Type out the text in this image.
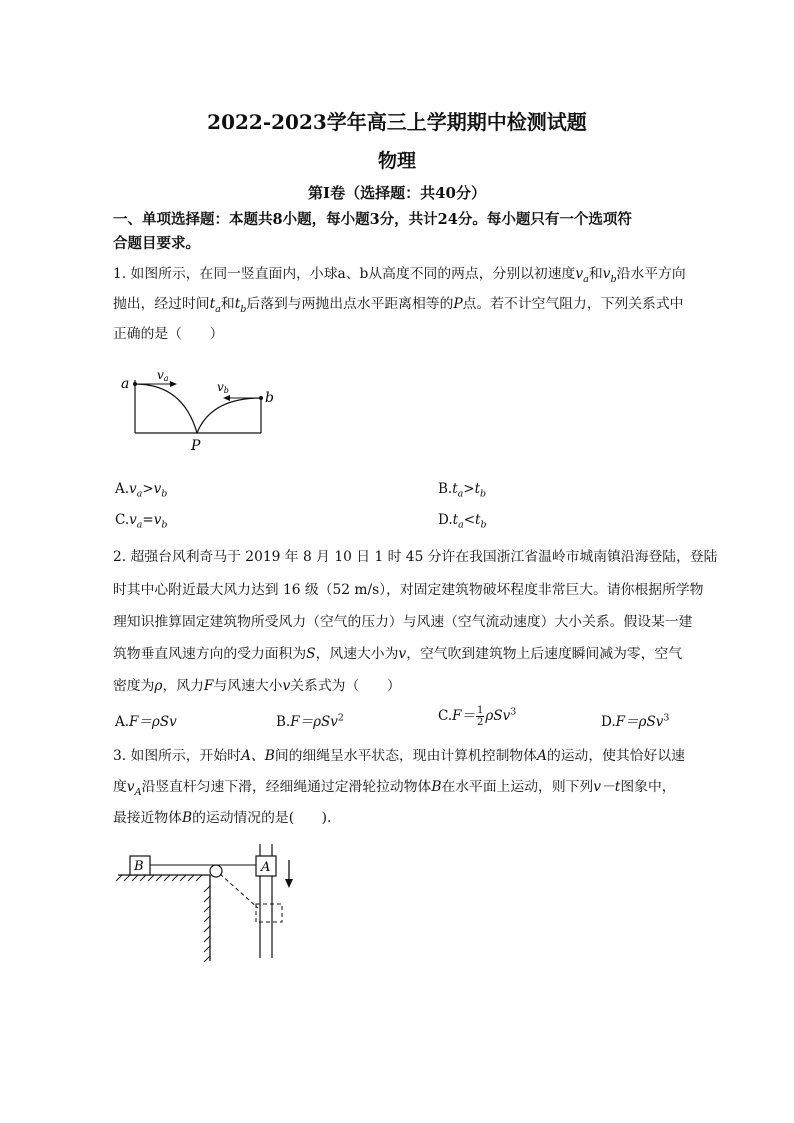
2022-2023学年高三上学期期中检测试题
物理
第Ⅰ卷（选择题：共40分）
一、单项选择题：本题共8小题，每小题3分，共计24分。每小题只有一个选项符
合题目要求。
1. 如图所示，在同一竖直面内，小球a、b从高度不同的两点，分别以初速度$v_a$和$v_b$沿水平方向
抛出，经过时间$t_a$和$t_b$后落到与两抛出点水平距离相等的P点。若不计空气阻力，下列关系式中
正确的是（　　）
a
b
va
vb
P
$A.v_a>v_b$	$B.t_a>t_b$
$C.v_a=v_b$	$D.t_a<t_b$
2. 超强台风利奇马于 2019 年 8 月 10 日 1 时 45 分许在我国浙江省温岭市城南镇沿海登陆，登陆
时其中心附近最大风力达到 16 级（52 m/s），对固定建筑物破坏程度非常巨大。请你根据所学物
理知识推算固定建筑物所受风力（空气的压力）与风速（空气流动速度）大小关系。假设某一建
筑物垂直风速方向的受力面积为S，风速大小为v，空气吹到建筑物上后速度瞬间减为零，空气
密度为ρ，风力F与风速大小v关系式为（　　）
A.F＝ρSv	B.F＝ρSv$^2$	$C.F= \frac{1}{2} \rho Sv^3$
D.F＝ρSv$^3$
3. 如图所示，开始时A、B间的细绳呈水平状态，现由计算机控制物体A的运动，使其恰好以速
度$v_A$沿竖直杆匀速下滑，经细绳通过定滑轮拉动物体B在水平面上运动，则下列v－t图象中，
最接近物体B的运动情况的是(　　).
B	A
